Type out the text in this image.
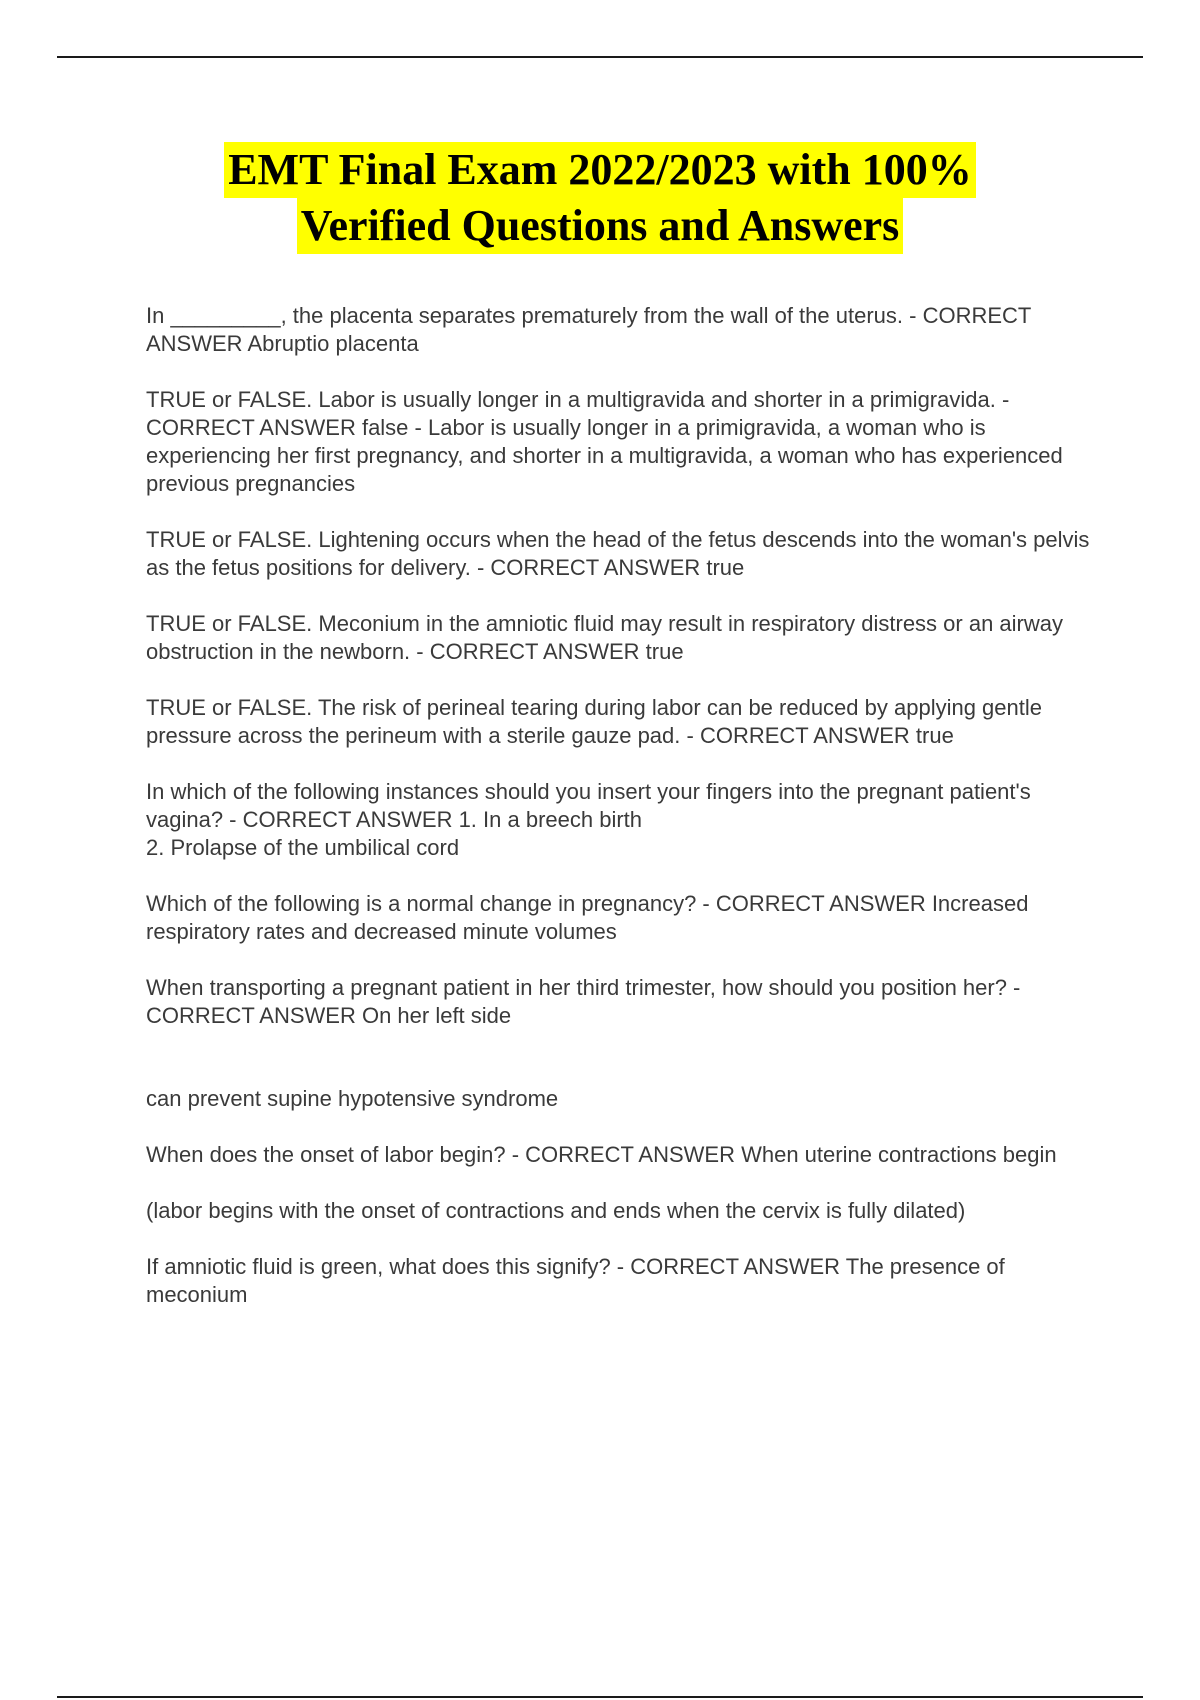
EMT Final Exam 2022/2023 with 100%
Verified Questions and Answers

In _________, the placenta separates prematurely from the wall of the uterus. - CORRECT ANSWER Abruptio placenta

TRUE or FALSE. Labor is usually longer in a multigravida and shorter in a primigravida. - CORRECT ANSWER false - Labor is usually longer in a primigravida, a woman who is experiencing her first pregnancy, and shorter in a multigravida, a woman who has experienced previous pregnancies

TRUE or FALSE. Lightening occurs when the head of the fetus descends into the woman's pelvis as the fetus positions for delivery. - CORRECT ANSWER true

TRUE or FALSE. Meconium in the amniotic fluid may result in respiratory distress or an airway obstruction in the newborn. - CORRECT ANSWER true

TRUE or FALSE. The risk of perineal tearing during labor can be reduced by applying gentle pressure across the perineum with a sterile gauze pad. - CORRECT ANSWER true

In which of the following instances should you insert your fingers into the pregnant patient's vagina? - CORRECT ANSWER 1. In a breech birth
2. Prolapse of the umbilical cord

Which of the following is a normal change in pregnancy? - CORRECT ANSWER Increased respiratory rates and decreased minute volumes

When transporting a pregnant patient in her third trimester, how should you position her? - CORRECT ANSWER On her left side

can prevent supine hypotensive syndrome

When does the onset of labor begin? - CORRECT ANSWER When uterine contractions begin

(labor begins with the onset of contractions and ends when the cervix is fully dilated)

If amniotic fluid is green, what does this signify? - CORRECT ANSWER The presence of meconium
